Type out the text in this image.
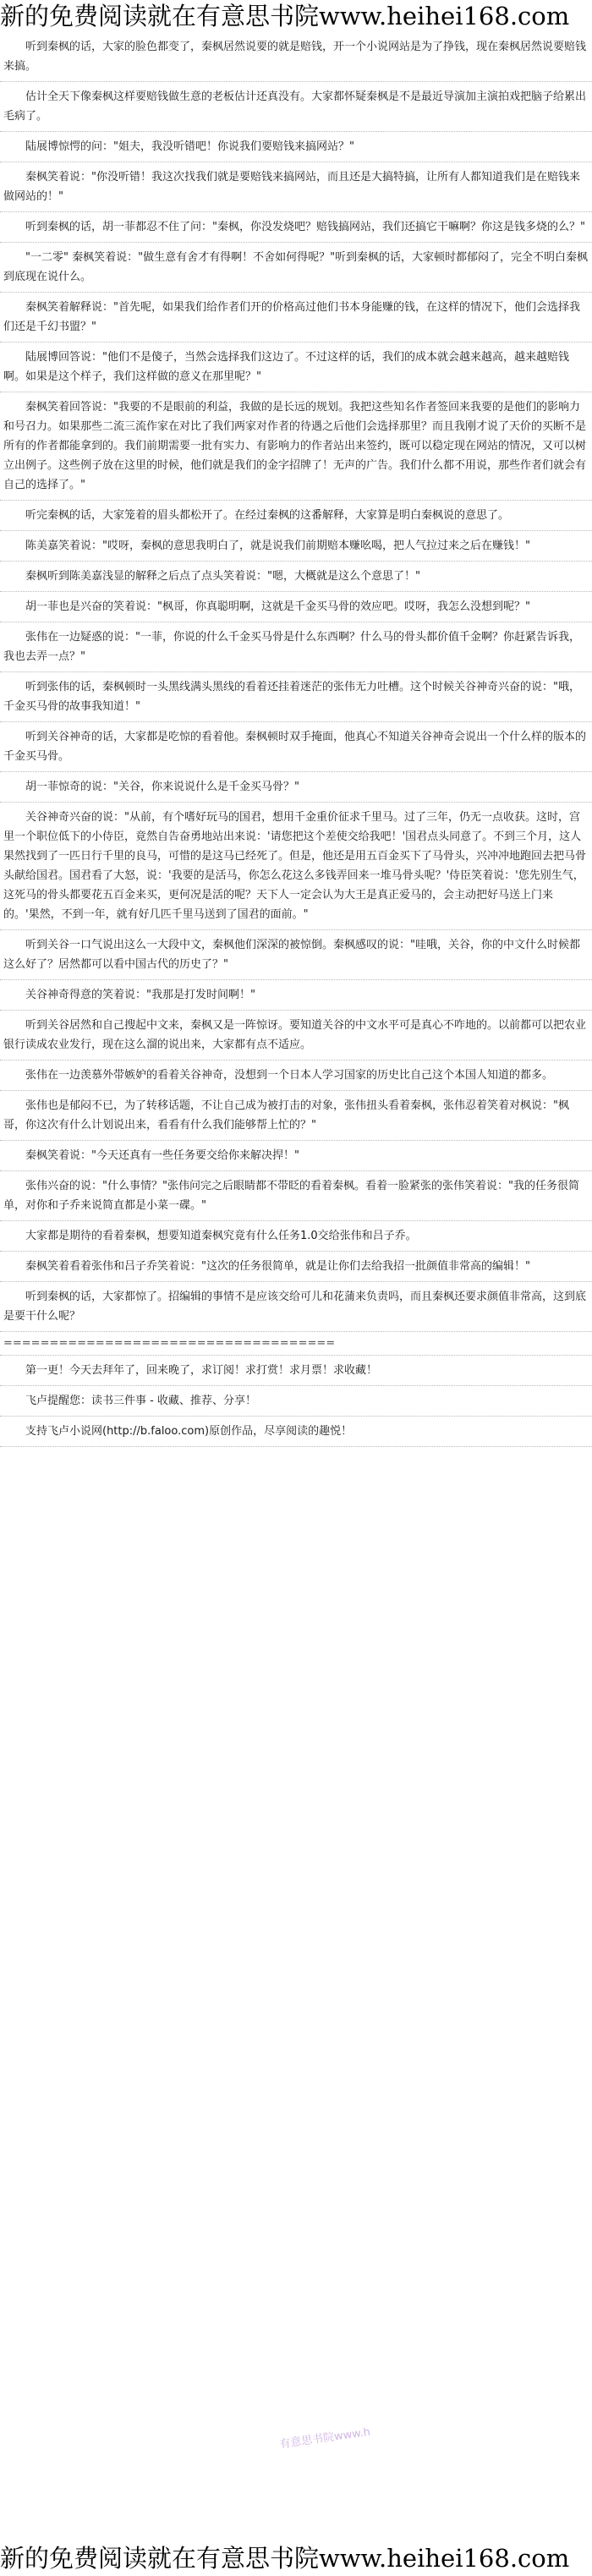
新的免费阅读就在有意思书院www.heihei168.com

听到秦枫的话，大家的脸色都变了，秦枫居然说要的就是赔钱，开一个小说网站是为了挣钱，现在秦枫居然说要赔钱来搞。

估计全天下像秦枫这样要赔钱做生意的老板估计还真没有。大家都怀疑秦枫是不是最近导演加主演拍戏把脑子给累出毛病了。

陆展博惊愕的问："姐夫，我没听错吧！你说我们要赔钱来搞网站？"

秦枫笑着说："你没听错！我这次找我们就是要赔钱来搞网站，而且还是大搞特搞，让所有人都知道我们是在赔钱来做网站的！"

听到秦枫的话，胡一菲都忍不住了问："秦枫，你没发烧吧？赔钱搞网站，我们还搞它干嘛啊？你这是钱多烧的么？"

"一二零" 秦枫笑着说："做生意有舍才有得啊！不舍如何得呢？"听到秦枫的话，大家顿时都郁闷了，完全不明白秦枫到底现在说什么。

秦枫笑着解释说："首先呢，如果我们给作者们开的价格高过他们书本身能赚的钱，在这样的情况下，他们会选择我们还是千幻书盟？"

陆展博回答说："他们不是傻子，当然会选择我们这边了。不过这样的话，我们的成本就会越来越高，越来越赔钱啊。如果是这个样子，我们这样做的意义在那里呢？"

秦枫笑着回答说："我要的不是眼前的利益，我做的是长远的规划。我把这些知名作者签回来我要的是他们的影响力和号召力。如果那些二流三流作家在对比了我们两家对作者的待遇之后他们会选择那里？而且我刚才说了天价的买断不是所有的作者都能拿到的。我们前期需要一批有实力、有影响力的作者站出来签约，既可以稳定现在网站的情况，又可以树立出例子。这些例子放在这里的时候，他们就是我们的金字招牌了！无声的广告。我们什么都不用说，那些作者们就会有自己的选择了。"

听完秦枫的话，大家笼着的眉头都松开了。在经过秦枫的这番解释，大家算是明白秦枫说的意思了。

陈美嘉笑着说："哎呀，秦枫的意思我明白了，就是说我们前期赔本赚吆喝，把人气拉过来之后在赚钱！"

秦枫听到陈美嘉浅显的解释之后点了点头笑着说："嗯，大概就是这么个意思了！"

胡一菲也是兴奋的笑着说："枫哥，你真聪明啊，这就是千金买马骨的效应吧。哎呀，我怎么没想到呢？"

张伟在一边疑惑的说："一菲，你说的什么千金买马骨是什么东西啊？什么马的骨头都价值千金啊？你赶紧告诉我，我也去弄一点？"

听到张伟的话，秦枫顿时一头黑线满头黑线的看着还挂着迷茫的张伟无力吐槽。这个时候关谷神奇兴奋的说："哦，千金买马骨的故事我知道！"

听到关谷神奇的话，大家都是吃惊的看着他。秦枫顿时双手掩面，他真心不知道关谷神奇会说出一个什么样的版本的千金买马骨。

胡一菲惊奇的说："关谷，你来说说什么是千金买马骨？"

关谷神奇兴奋的说："从前，有个嗜好玩马的国君，想用千金重价征求千里马。过了三年，仍无一点收获。这时，宫里一个职位低下的小侍臣，竟然自告奋勇地站出来说：'请您把这个差使交给我吧！'国君点头同意了。不到三个月，这人果然找到了一匹日行千里的良马，可惜的是这马已经死了。但是，他还是用五百金买下了马骨头，兴冲冲地跑回去把马骨头献给国君。国君看了大怒，说：'我要的是活马，你怎么花这么多钱弄回来一堆马骨头呢？'侍臣笑着说：'您先别生气，这死马的骨头都要花五百金来买，更何况是活的呢？天下人一定会认为大王是真正爱马的，会主动把好马送上门来的。'果然，不到一年，就有好几匹千里马送到了国君的面前。"

听到关谷一口气说出这么一大段中文，秦枫他们深深的被惊倒。秦枫感叹的说："哇哦，关谷，你的中文什么时候都这么好了？居然都可以看中国古代的历史了？"

关谷神奇得意的笑着说："我那是打发时间啊！"

听到关谷居然和自己搜起中文来，秦枫又是一阵惊讶。要知道关谷的中文水平可是真心不咋地的。以前都可以把农业银行读成农业发行，现在这么溜的说出来，大家都有点不适应。

张伟在一边羡慕外带嫉妒的看着关谷神奇，没想到一个日本人学习国家的历史比自己这个本国人知道的都多。

张伟也是郁闷不已，为了转移话题，不让自己成为被打击的对象，张伟扭头看着秦枫，张伟忍着笑着对枫说："枫哥，你这次有什么计划说出来，看看有什么我们能够帮上忙的？"

秦枫笑着说："今天还真有一些任务要交给你来解决捍！"

张伟兴奋的说："什么事情？"张伟问完之后眼睛都不带眨的看着秦枫。看着一脸紧张的张伟笑着说："我的任务很简单，对你和子乔来说简直都是小菜一碟。"

大家都是期待的看着秦枫，想要知道秦枫究竟有什么任务1.0交给张伟和吕子乔。

秦枫笑着看着张伟和吕子乔笑着说："这次的任务很简单，就是让你们去给我招一批颜值非常高的编辑！"

听到秦枫的话，大家都惊了。招编辑的事情不是应该交给可儿和花蒲来负责吗，而且秦枫还要求颜值非常高，这到底是要干什么呢？

====================================

第一更！今天去拜年了，回来晚了，求订阅！求打赏！求月票！求收藏！

飞卢提醒您：读书三件事 - 收藏、推荐、分享！

支持飞卢小说网(http://b.faloo.com)原创作品，尽享阅读的趣悦！

有意思书院www.h
新的免费阅读就在有意思书院www.heihei168.com
